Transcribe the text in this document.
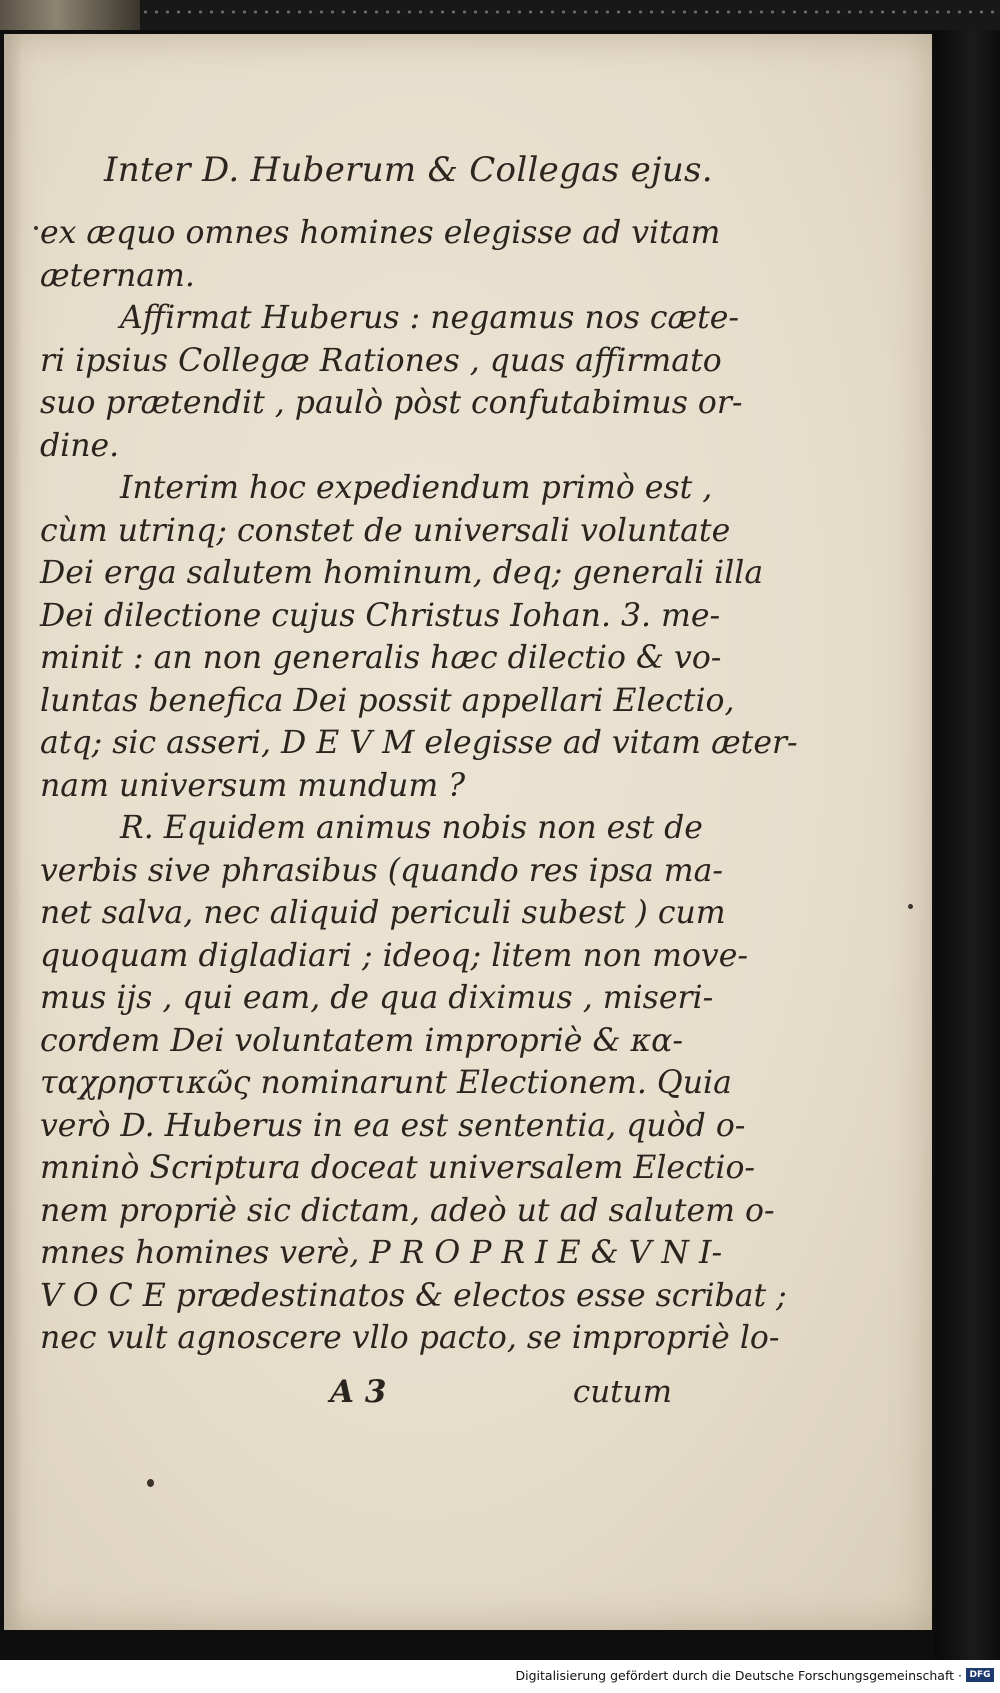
Inter D. Huberum & Collegas ejus.
ex æquo omnes homines elegisse ad vitam
æternam.
Affirmat Huberus : negamus nos cæte-
ri ipsius Collegæ Rationes , quas affirmato
suo prætendit , paulò pòst confutabimus or-
dine.
Interim hoc expediendum primò est ,
cùm utrinq; constet de universali voluntate
Dei erga salutem hominum, deq; generali illa
Dei dilectione cujus Christus Iohan. 3. me-
minit : an non generalis hæc dilectio & vo-
luntas benefica Dei possit appellari Electio,
atq; sic asseri, D E V M elegisse ad vitam æter-
nam universum mundum ?
R. Equidem animus nobis non est de
verbis sive phrasibus (quando res ipsa ma-
net salva, nec aliquid periculi subest ) cum
quoquam digladiari ; ideoq; litem non move-
mus ijs , qui eam, de qua diximus , miseri-
cordem Dei voluntatem impropriè & κα-
ταχρηστικῶς nominarunt Electionem. Quia
verò D. Huberus in ea est sententia, quòd o-
mninò Scriptura doceat universalem Electio-
nem propriè sic dictam, adeò ut ad salutem o-
mnes homines verè, P R O P R I E & V N I-
V O C E prædestinatos & electos esse scribat ;
nec vult agnoscere vllo pacto, se impropriè lo-
A 3	cutum
Digitalisierung gefördert durch die Deutsche Forschungsgemeinschaft · DFG
